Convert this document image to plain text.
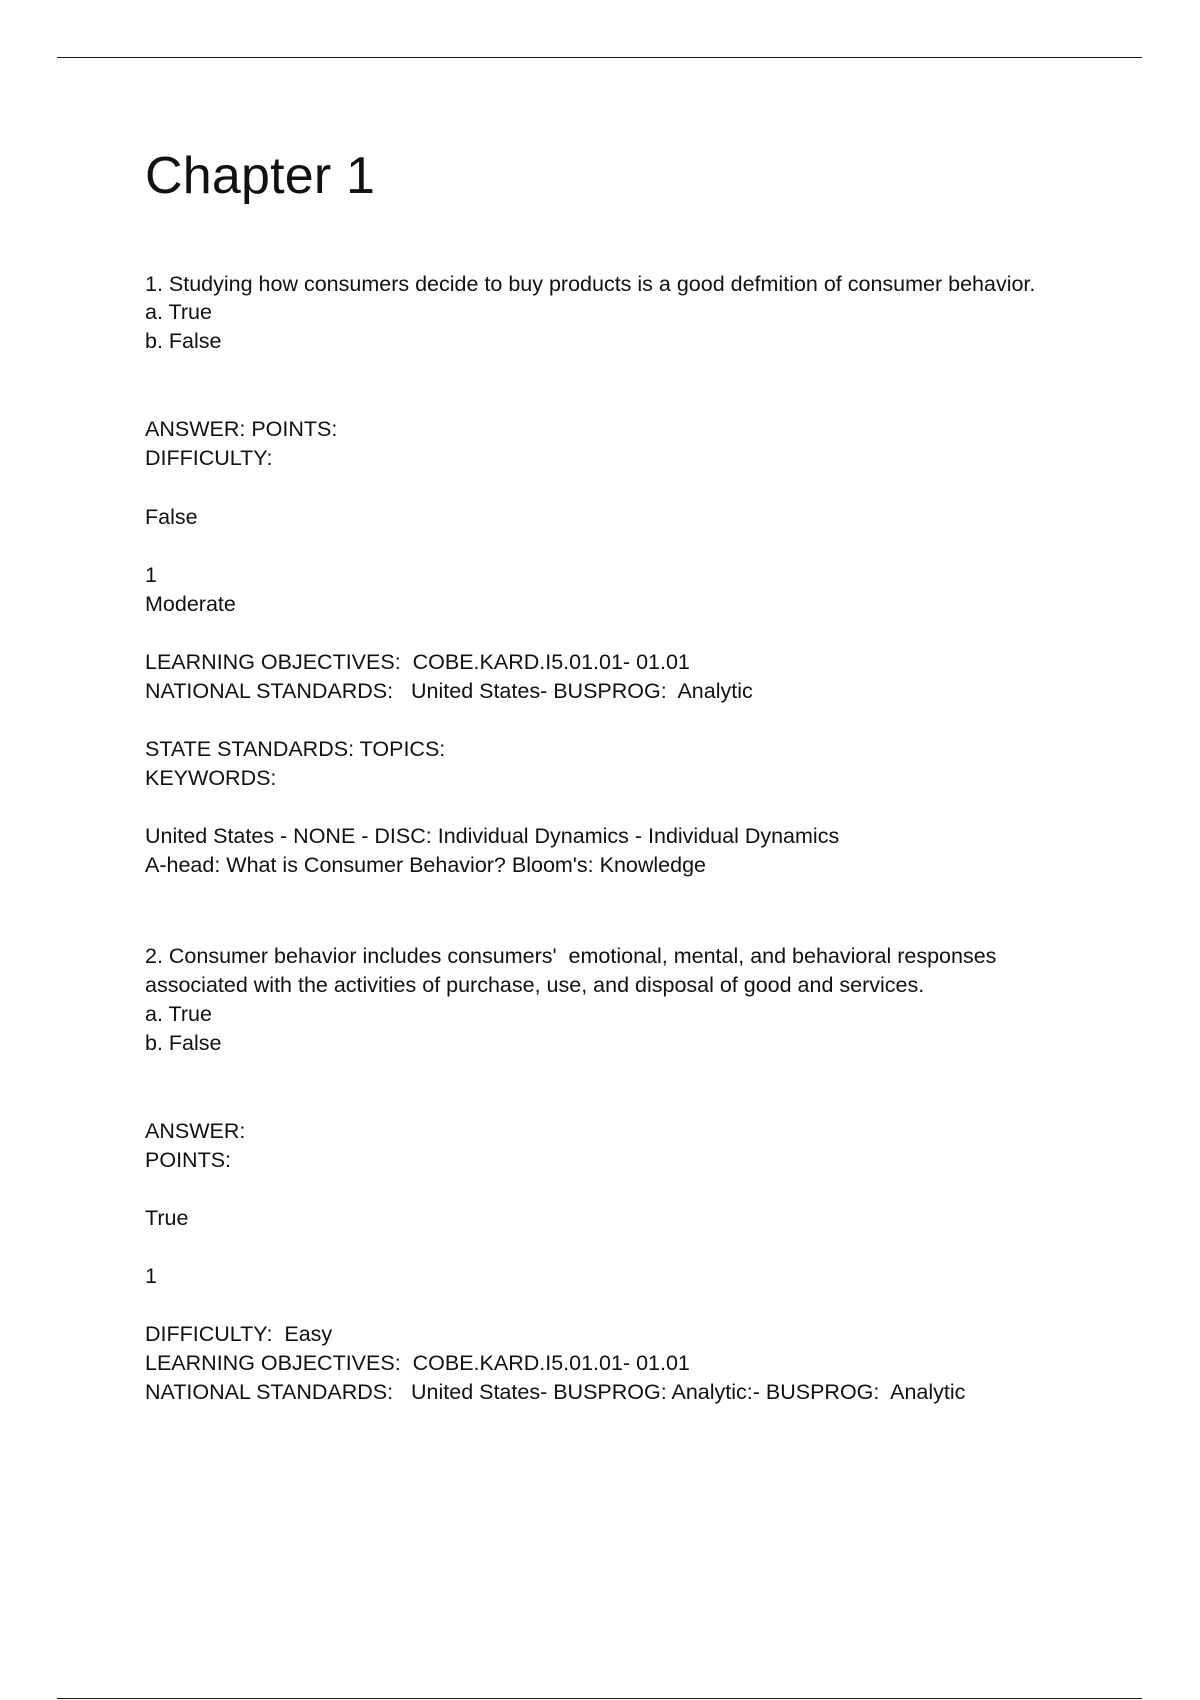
Chapter 1

1. Studying how consumers decide to buy products is a good defmition of consumer behavior.

a. True

b. False

ANSWER: POINTS:

DIFFICULTY:

False

1

Moderate

LEARNING OBJECTIVES:  COBE.KARD.I5.01.01- 01.01

NATIONAL STANDARDS:   United States- BUSPROG:  Analytic

STATE STANDARDS: TOPICS:

KEYWORDS:

United States - NONE - DISC: Individual Dynamics - Individual Dynamics

A-head: What is Consumer Behavior? Bloom's: Knowledge

2. Consumer behavior includes consumers'  emotional, mental, and behavioral responses

associated with the activities of purchase, use, and disposal of good and services.

a. True

b. False

ANSWER:

POINTS:

True

1

DIFFICULTY:  Easy

LEARNING OBJECTIVES:  COBE.KARD.I5.01.01- 01.01

NATIONAL STANDARDS:   United States- BUSPROG: Analytic:- BUSPROG:  Analytic
